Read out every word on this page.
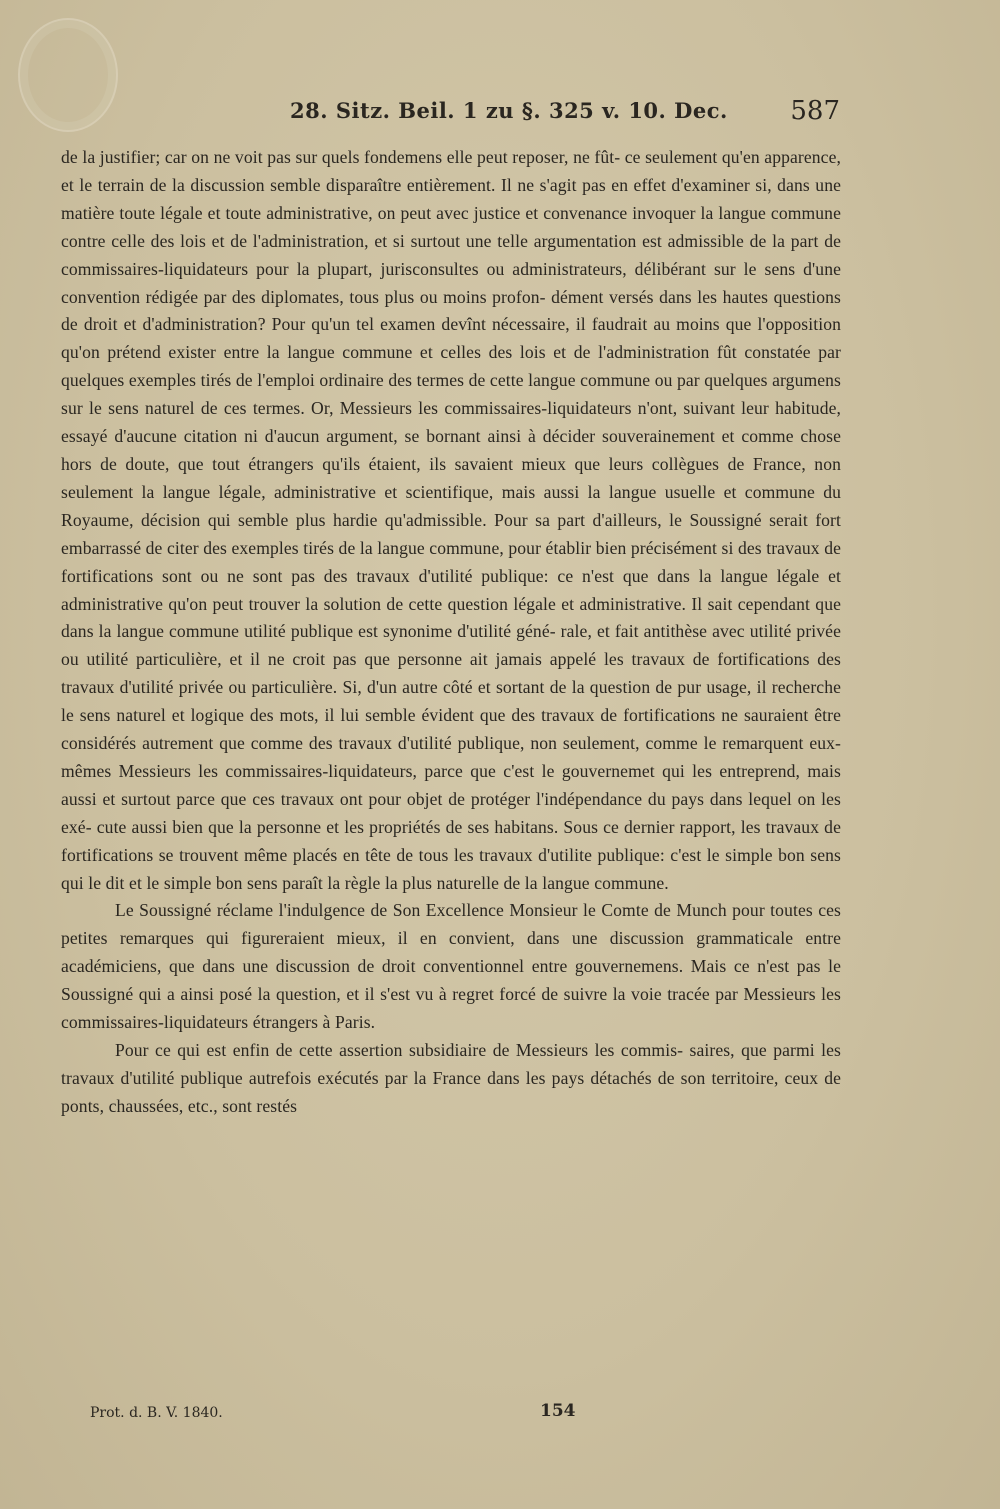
28. Sitz. Beil. 1 zu §. 325 v. 10. Dec. 587

de la justifier; car on ne voit pas sur quels fondemens elle peut reposer, ne fût- ce seulement qu'en apparence, et le terrain de la discussion semble disparaître entièrement. Il ne s'agit pas en effet d'examiner si, dans une matière toute légale et toute administrative, on peut avec justice et convenance invoquer la langue commune contre celle des lois et de l'administration, et si surtout une telle argumentation est admissible de la part de commissaires-liquidateurs pour la plupart, jurisconsultes ou administrateurs, délibérant sur le sens d'une convention rédigée par des diplomates, tous plus ou moins profon- dément versés dans les hautes questions de droit et d'administration? Pour qu'un tel examen devînt nécessaire, il faudrait au moins que l'opposition qu'on prétend exister entre la langue commune et celles des lois et de l'administration fût constatée par quelques exemples tirés de l'emploi ordinaire des termes de cette langue commune ou par quelques argumens sur le sens naturel de ces termes. Or, Messieurs les commissaires-liquidateurs n'ont, suivant leur habitude, essayé d'aucune citation ni d'aucun argument, se bornant ainsi à décider souverainement et comme chose hors de doute, que tout étrangers qu'ils étaient, ils savaient mieux que leurs collègues de France, non seulement la langue légale, administrative et scientifique, mais aussi la langue usuelle et commune du Royaume, décision qui semble plus hardie qu'admissible. Pour sa part d'ailleurs, le Soussigné serait fort embarrassé de citer des exemples tirés de la langue commune, pour établir bien précisément si des travaux de fortifications sont ou ne sont pas des travaux d'utilité publique: ce n'est que dans la langue légale et administrative qu'on peut trouver la solution de cette question légale et administrative. Il sait cependant que dans la langue commune utilité publique est synonime d'utilité géné- rale, et fait antithèse avec utilité privée ou utilité particulière, et il ne croit pas que personne ait jamais appelé les travaux de fortifications des travaux d'utilité privée ou particulière. Si, d'un autre côté et sortant de la question de pur usage, il recherche le sens naturel et logique des mots, il lui semble évident que des travaux de fortifications ne sauraient être considérés autrement que comme des travaux d'utilité publique, non seulement, comme le remarquent eux-mêmes Messieurs les commissaires-liquidateurs, parce que c'est le gouvernemet qui les entreprend, mais aussi et surtout parce que ces travaux ont pour objet de protéger l'indépendance du pays dans lequel on les exé- cute aussi bien que la personne et les propriétés de ses habitans. Sous ce dernier rapport, les travaux de fortifications se trouvent même placés en tête de tous les travaux d'utilite publique: c'est le simple bon sens qui le dit et le simple bon sens paraît la règle la plus naturelle de la langue commune.

Le Soussigné réclame l'indulgence de Son Excellence Monsieur le Comte de Munch pour toutes ces petites remarques qui figureraient mieux, il en convient, dans une discussion grammaticale entre académiciens, que dans une discussion de droit conventionnel entre gouvernemens. Mais ce n'est pas le Soussigné qui a ainsi posé la question, et il s'est vu à regret forcé de suivre la voie tracée par Messieurs les commissaires-liquidateurs étrangers à Paris.

Pour ce qui est enfin de cette assertion subsidiaire de Messieurs les commis- saires, que parmi les travaux d'utilité publique autrefois exécutés par la France dans les pays détachés de son territoire, ceux de ponts, chaussées, etc., sont restés

Prot. d. B. V. 1840.	154
